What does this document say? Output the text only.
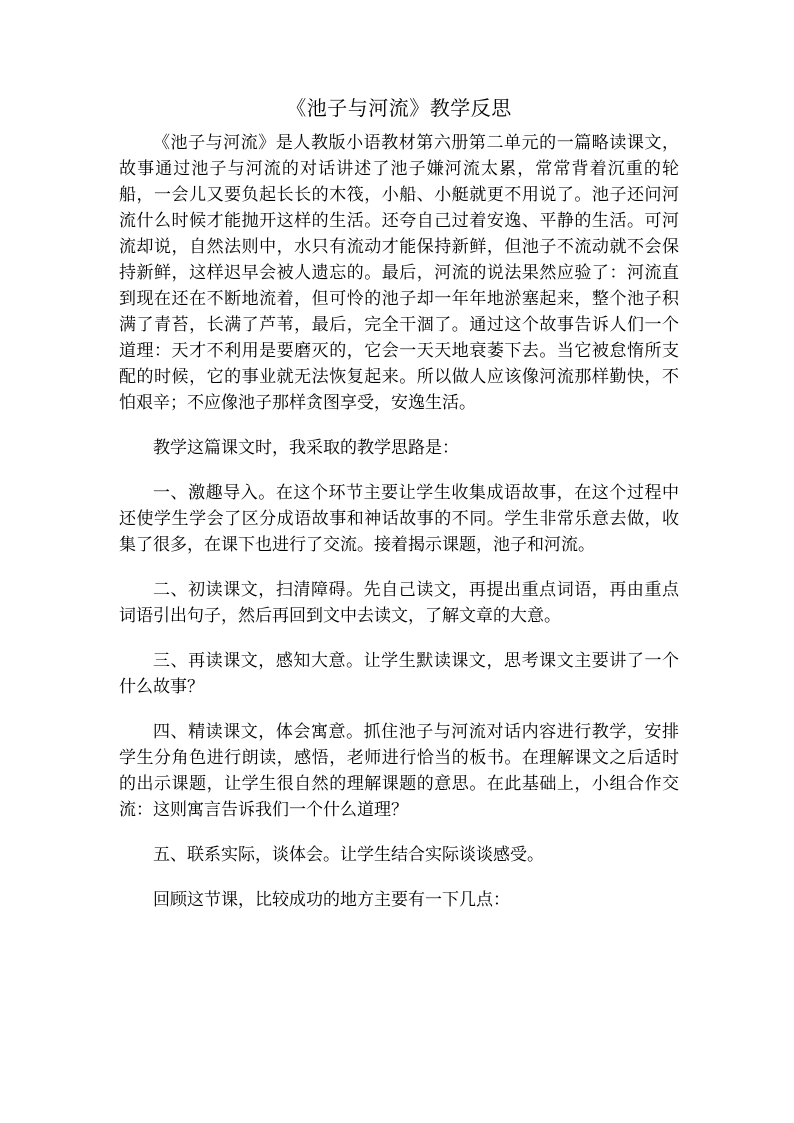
《池子与河流》教学反思

《池子与河流》是人教版小语教材第六册第二单元的一篇略读课文，故事通过池子与河流的对话讲述了池子嫌河流太累，常常背着沉重的轮船，一会儿又要负起长长的木筏，小船、小艇就更不用说了。池子还问河流什么时候才能抛开这样的生活。还夸自己过着安逸、平静的生活。可河流却说，自然法则中，水只有流动才能保持新鲜，但池子不流动就不会保持新鲜，这样迟早会被人遗忘的。最后，河流的说法果然应验了：河流直到现在还在不断地流着，但可怜的池子却一年年地淤塞起来，整个池子积满了青苔，长满了芦苇，最后，完全干涸了。通过这个故事告诉人们一个道理：天才不利用是要磨灭的，它会一天天地衰萎下去。当它被怠惰所支配的时候，它的事业就无法恢复起来。所以做人应该像河流那样勤快，不怕艰辛；不应像池子那样贪图享受，安逸生活。

教学这篇课文时，我采取的教学思路是：

一、激趣导入。在这个环节主要让学生收集成语故事，在这个过程中还使学生学会了区分成语故事和神话故事的不同。学生非常乐意去做，收集了很多，在课下也进行了交流。接着揭示课题，池子和河流。

二、初读课文，扫清障碍。先自己读文，再提出重点词语，再由重点词语引出句子，然后再回到文中去读文，了解文章的大意。

三、再读课文，感知大意。让学生默读课文，思考课文主要讲了一个什么故事？

四、精读课文，体会寓意。抓住池子与河流对话内容进行教学，安排学生分角色进行朗读，感悟，老师进行恰当的板书。在理解课文之后适时的出示课题，让学生很自然的理解课题的意思。在此基础上，小组合作交流：这则寓言告诉我们一个什么道理？

五、联系实际，谈体会。让学生结合实际谈谈感受。

回顾这节课，比较成功的地方主要有一下几点：
